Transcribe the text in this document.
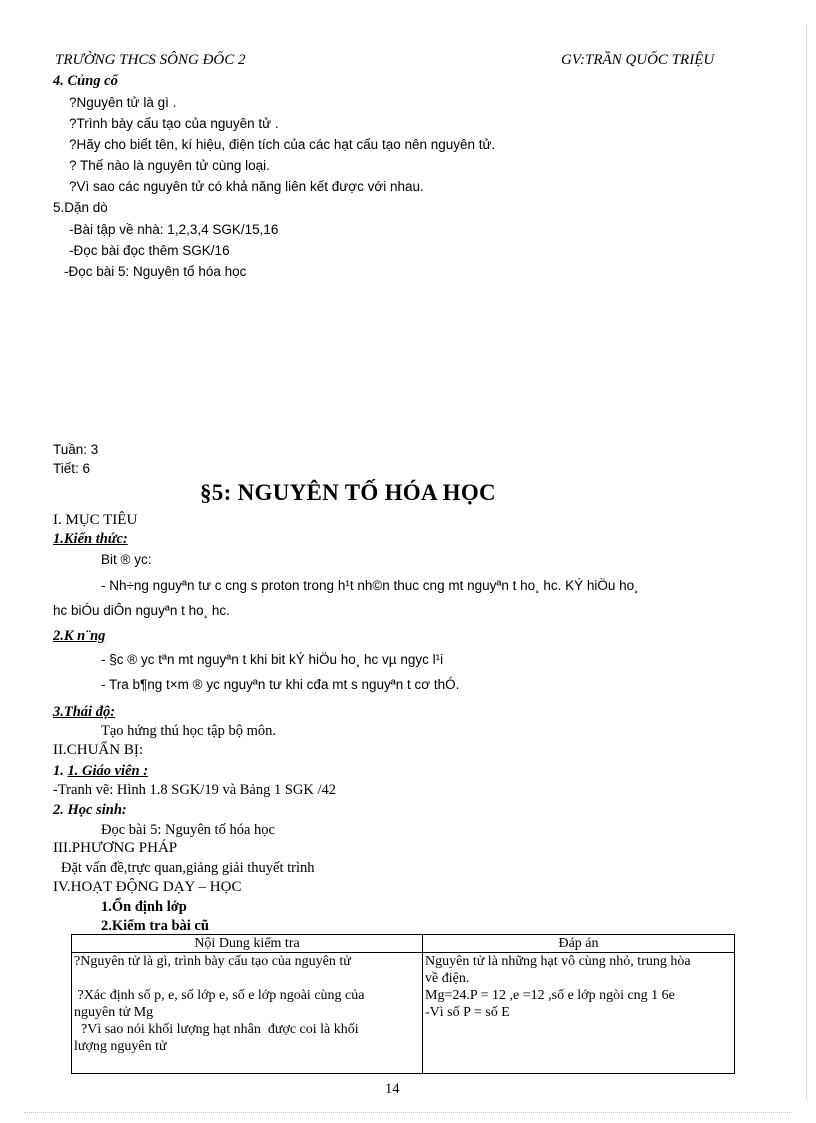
TRƯỜNG THCS SÔNG ĐỐC 2	GV:TRẦN QUỐC TRIỆU
4. Củng cố
?Nguyên tử là gì .
?Trình bày cấu tạo của nguyên tử .
?Hãy cho biết tên, kí hiệu, điện tích của các hạt cấu tạo nên nguyên tử.
? Thế nào là nguyên tử cùng loại.
?Vì sao các nguyên tử có khả năng liên kết được với nhau.
5.Dặn dò
-Bài tập về nhà: 1,2,3,4 SGK/15,16
-Đọc bài đọc thêm SGK/16
-Đọc bài 5: Nguyên tố hóa học
Tuần: 3
Tiết: 6
§5: NGUYÊN TỐ HÓA HỌC
I. MỤC TIÊU
1.Kiến thức:
Bit ® yc:
- Nh÷ng nguyªn tư c cng s proton trong h¹t nh©n thuc cng mt nguyªn t ho¸ hc. KÝ hiÖu ho¸
hc biÓu diÔn nguyªn t ho¸ hc.
2.K n¨ng
- §c ® yc tªn mt nguyªn t khi bit kÝ hiÖu ho¸ hc vµ ngyc l¹i
- Tra b¶ng t×m ® yc nguyªn tư khi cđa mt s nguyªn t cơ thÓ.
3.Thái độ:
Tạo hứng thú học tập bộ môn.
II.CHUẨN BỊ:
1. 1. Giáo viên :
-Tranh vẽ: Hình 1.8 SGK/19 và Bảng 1 SGK /42
2. Học sinh:
Đọc bài 5: Nguyên tố hóa học
III.PHƯƠNG PHÁP
Đặt vấn đề,trực quan,giảng giải thuyết trình
IV.HOẠT ĐỘNG DẠY – HỌC
1.Ổn định lớp
2.Kiểm tra bài cũ
Nội Dung kiểm tra	Đáp án

?Nguyên tử là gì, trình bày cấu tạo của nguyên tử
?Xác định số p, e, số lớp e, số e lớp ngoài cùng của
nguyên tử Mg
?Vì sao nói khối lượng hạt nhân  được coi là khối
lượng nguyên tử	Nguyên tử là những hạt vô cùng nhỏ, trung hòa
về điện.
Mg=24.P = 12 ,e =12 ,số e lớp ngòi cng 1 6e
-Vì số P = số E
14
